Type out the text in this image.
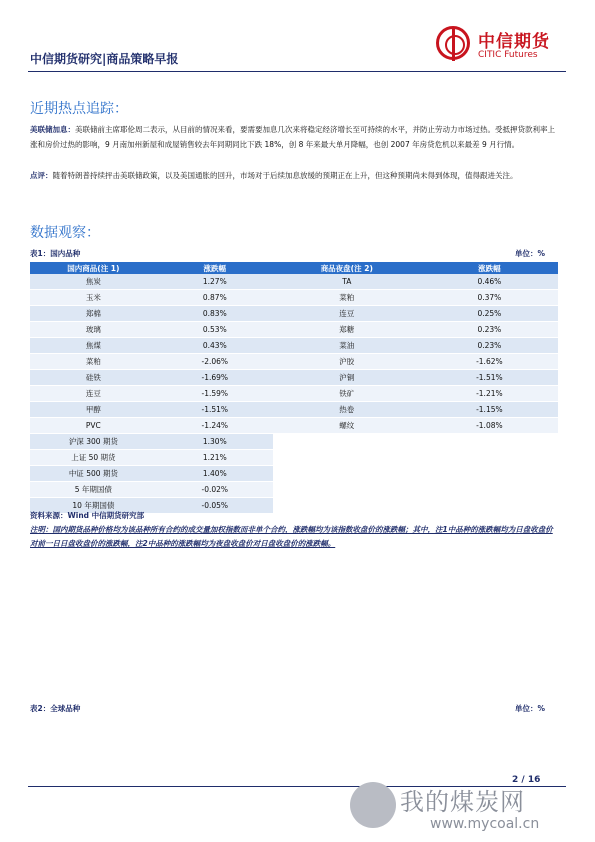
中信期货研究|商品策略早报
中信期货
CITIC Futures
近期热点追踪：
美联储加息：美联储前主席耶伦周二表示，从目前的情况来看，要需要加息几次来将稳定经济增长至可持续的水平，并防止劳动力市场过热。受抵押贷款利率上涨和房价过热的影响，9 月南加州新屋和成屋销售较去年同期同比下跌 18%，创 8 年来最大单月降幅，也创 2007 年房贷危机以来最差 9 月行情。
点评：随着特朗普持续抨击美联储政策，以及美国通胀的回升，市场对于后续加息放缓的预期正在上升，但这种预期尚未得到体现，值得跟进关注。
数据观察：
表1：国内品种	单位：%
国内商品(注 1)	涨跌幅	商品夜盘(注 2)	涨跌幅
焦炭	1.27%	TA	0.46%
玉米	0.87%	菜粕	0.37%
郑棉	0.83%	连豆	0.25%
玻璃	0.53%	郑糖	0.23%
焦煤	0.43%	菜油	0.23%
菜粕	-2.06%	沪胶	-1.62%
硅铁	-1.69%	沪铜	-1.51%
连豆	-1.59%	铁矿	-1.21%
甲醇	-1.51%	热卷	-1.15%
PVC	-1.24%	螺纹	-1.08%
沪深 300 期货	1.30%		
上证 50 期货	1.21%		
中证 500 期货	1.40%		
5 年期国债	-0.02%		
10 年期国债	-0.05%		
资料来源：Wind 中信期货研究部
注明：国内期货品种价格均为该品种所有合约的成交量加权指数而非单个合约，涨跌幅均为该指数收盘价的涨跌幅；其中，注1中品种的涨跌幅均为日盘收盘价对前一日日盘收盘价的涨跌幅，注2中品种的涨跌幅均为夜盘收盘价对日盘收盘价的涨跌幅。
表2：全球品种	单位：%
2 / 16
我的煤炭网
www.mycoal.cn
